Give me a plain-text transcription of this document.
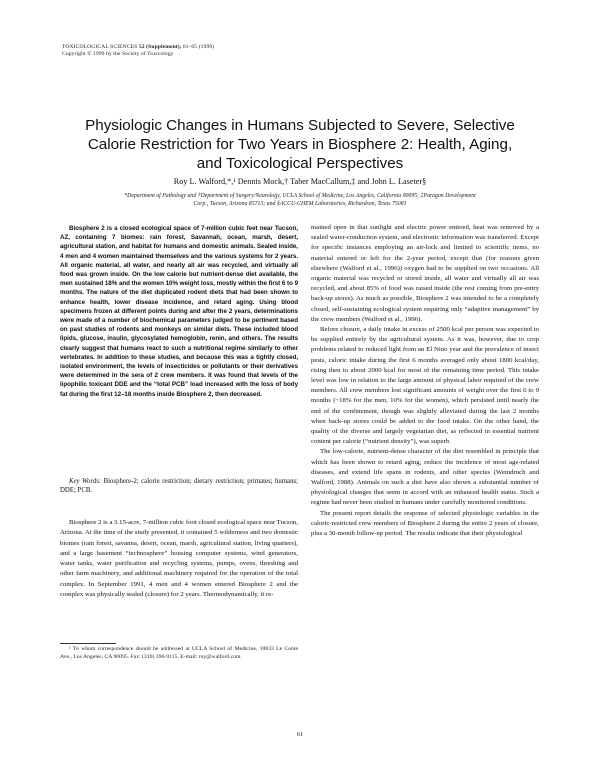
TOXICOLOGICAL SCIENCES 52 (Supplement), 61–65 (1999)
Copyright © 1999 by the Society of Toxicology
Physiologic Changes in Humans Subjected to Severe, Selective
Calorie Restriction for Two Years in Biosphere 2: Health, Aging,
and Toxicological Perspectives
Roy L. Walford,*,¹ Dennis Mock,† Taber MacCallum,‡ and John L. Laseter§
*Department of Pathology and †Department of Surgery/Neurology, UCLA School of Medicine, Los Angeles, California 90095; ‡Paragon Development
Corp., Tucson, Arizona 85713; and §ACCU-CHEM Laboratories, Richardson, Texas 75081
Biosphere 2 is a closed ecological space of 7-million cubic feet near Tucson, AZ, containing 7 biomes: rain forest, Savannah, ocean, marsh, desert, agricultural station, and habitat for humans and domestic animals. Sealed inside, 4 men and 4 women maintained themselves and the various systems for 2 years. All organic material, all water, and nearly all air was recycled, and virtually all food was grown inside. On the low calorie but nutrient-dense diet available, the men sustained 18% and the women 10% weight loss, mostly within the first 6 to 9 months. The nature of the diet duplicated rodent diets that had been shown to enhance health, lower disease incidence, and retard aging. Using blood specimens frozen at different points during and after the 2 years, determinations were made of a number of biochemical parameters judged to be pertinent based on past studies of rodents and monkeys on similar diets. These included blood lipids, glucose, insulin, glycosylated hemoglobin, renin, and others. The results clearly suggest that humans react to such a nutritional regime similarly to other vertebrates. In addition to these studies, and because this was a tightly closed, isolated environment, the levels of insecticides or pollutants or their derivatives were determined in the sera of 2 crew members. It was found that levels of the lipophilic toxicant DDE and the “total PCB” load increased with the loss of body fat during the first 12–18 months inside Biosphere 2, then decreased.
Key Words: Biosphere-2; calorie restriction; dietary restriction; primates; humans; DDE; PCB.

Biosphere 2 is a 3.15-acre, 7-million cubic foot closed ecological space near Tucson, Arizona. At the time of the study presented, it contained 5 wilderness and two domestic biomes (rain forest, savanna, desert, ocean, marsh, agricultural station, living quarters), and a large basement “technosphere” housing computer systems, wind generators, water tanks, water purification and recycling systems, pumps, ovens, threshing and other farm machinery, and additional machinery required for the operation of the total complex. In September 1991, 4 men and 4 women entered Biosphere 2 and the complex was physically sealed (closure) for 2 years. Thermodynamically, it re-

¹ To whom correspondence should be addressed at UCLA School of Medicine, 10833 Le Conte Ave., Los Angeles, CA 90095. Fax: (310) 396-9115. E-mail: roy@walford.com.

mained open in that sunlight and electric power entered, heat was removed by a sealed water-conduction system, and electronic information was transferred. Except for specific instances employing an air-lock and limited to scientific items, no material entered or left for the 2-year period, except that (for reasons given elsewhere (Walford et al., 1996)) oxygen had to be supplied on two occasions. All organic material was recycled or stored inside, all water and virtually all air was recycled, and about 85% of food was raised inside (the rest coming from pre-entry back-up stores). As much as possible, Biosphere 2 was intended to be a completely closed, self-sustaining ecological system requiring only “adaptive management” by the crew members (Walford et al., 1996).

Before closure, a daily intake in excess of 2500 kcal per person was expected to be supplied entirely by the agricultural system. As it was, however, due to crop problems related to reduced light from an El Nino year and the prevalence of insect pests, caloric intake during the first 6 months averaged only about 1800 kcal/day, rising then to about 2000 kcal for most of the remaining time period. This intake level was low in relation to the large amount of physical labor required of the crew members. All crew members lost significant amounts of weight over the first 6 to 9 months (~18% for the men, 10% for the women), which persisted until nearly the end of the confinement, though was slightly alleviated during the last 2 months when back-up stores could be added to the food intake. On the other hand, the quality of the diverse and largely vegetarian diet, as reflected in essential nutrient content per calorie (“nutrient density”), was superb.

The low-calorie, nutrient-dense character of the diet resembled in principle that which has been shown to retard aging, reduce the incidence of most age-related diseases, and extend life spans in rodents, and other species (Weindruch and Walford, 1988). Animals on such a diet have also shown a substantial number of physiological changes that seem in accord with an enhanced health status. Such a regime had never been studied in humans under carefully monitored conditions.

The present report details the response of selected physiologic variables in the caloric-restricted crew members of Biosphere 2 during the entire 2 years of closure, plus a 30-month follow-up period. The results indicate that their physiological

61
